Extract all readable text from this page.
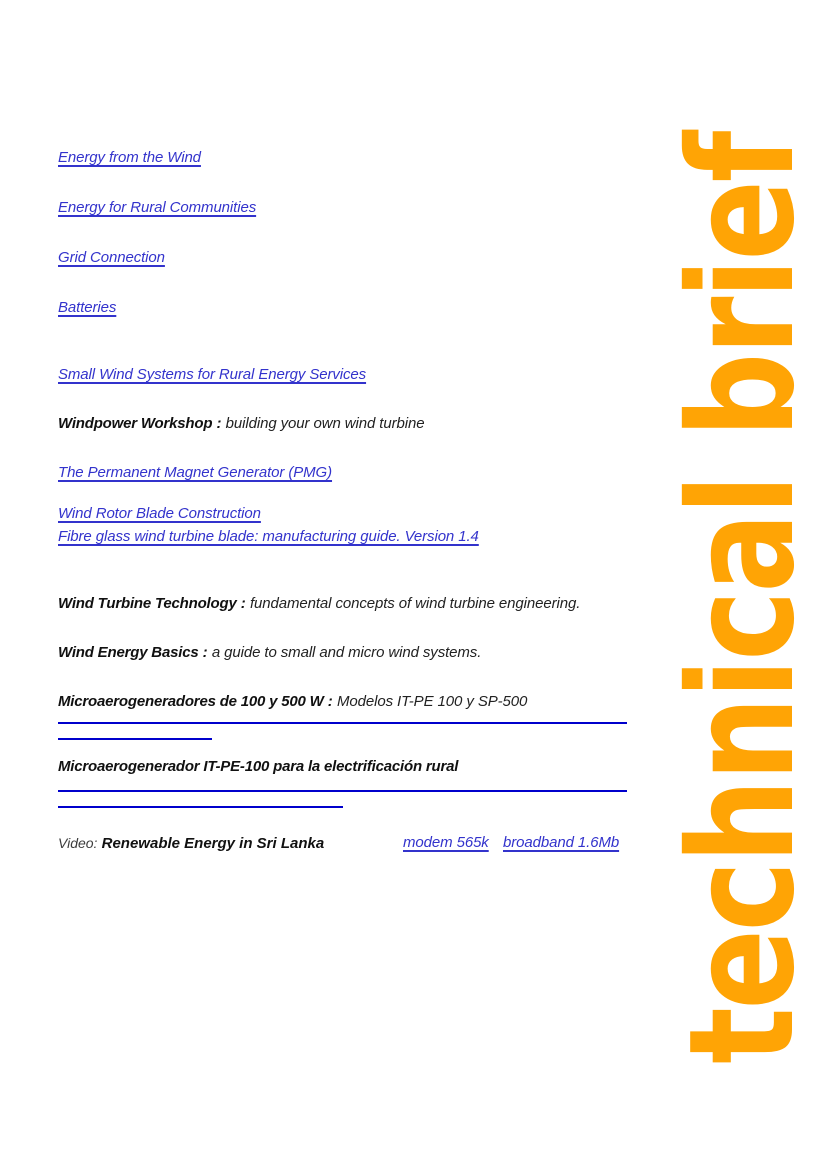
Energy from the Wind
Energy for Rural Communities
Grid Connection
Batteries
Small Wind Systems for Rural Energy Services
Windpower Workshop : building your own wind turbine
The Permanent Magnet Generator (PMG)
Wind Rotor Blade Construction
Fibre glass wind turbine blade: manufacturing guide. Version 1.4
Wind Turbine Technology : fundamental concepts of wind turbine engineering.
Wind Energy Basics : a guide to small and micro wind systems.
Microaerogeneradores de 100 y 500 W : Modelos IT-PE 100 y SP-500
Microaerogenerador IT-PE-100 para la electrificación rural
Video: Renewable Energy in Sri Lanka	modem 565k broadband 1.6Mb technical brief
